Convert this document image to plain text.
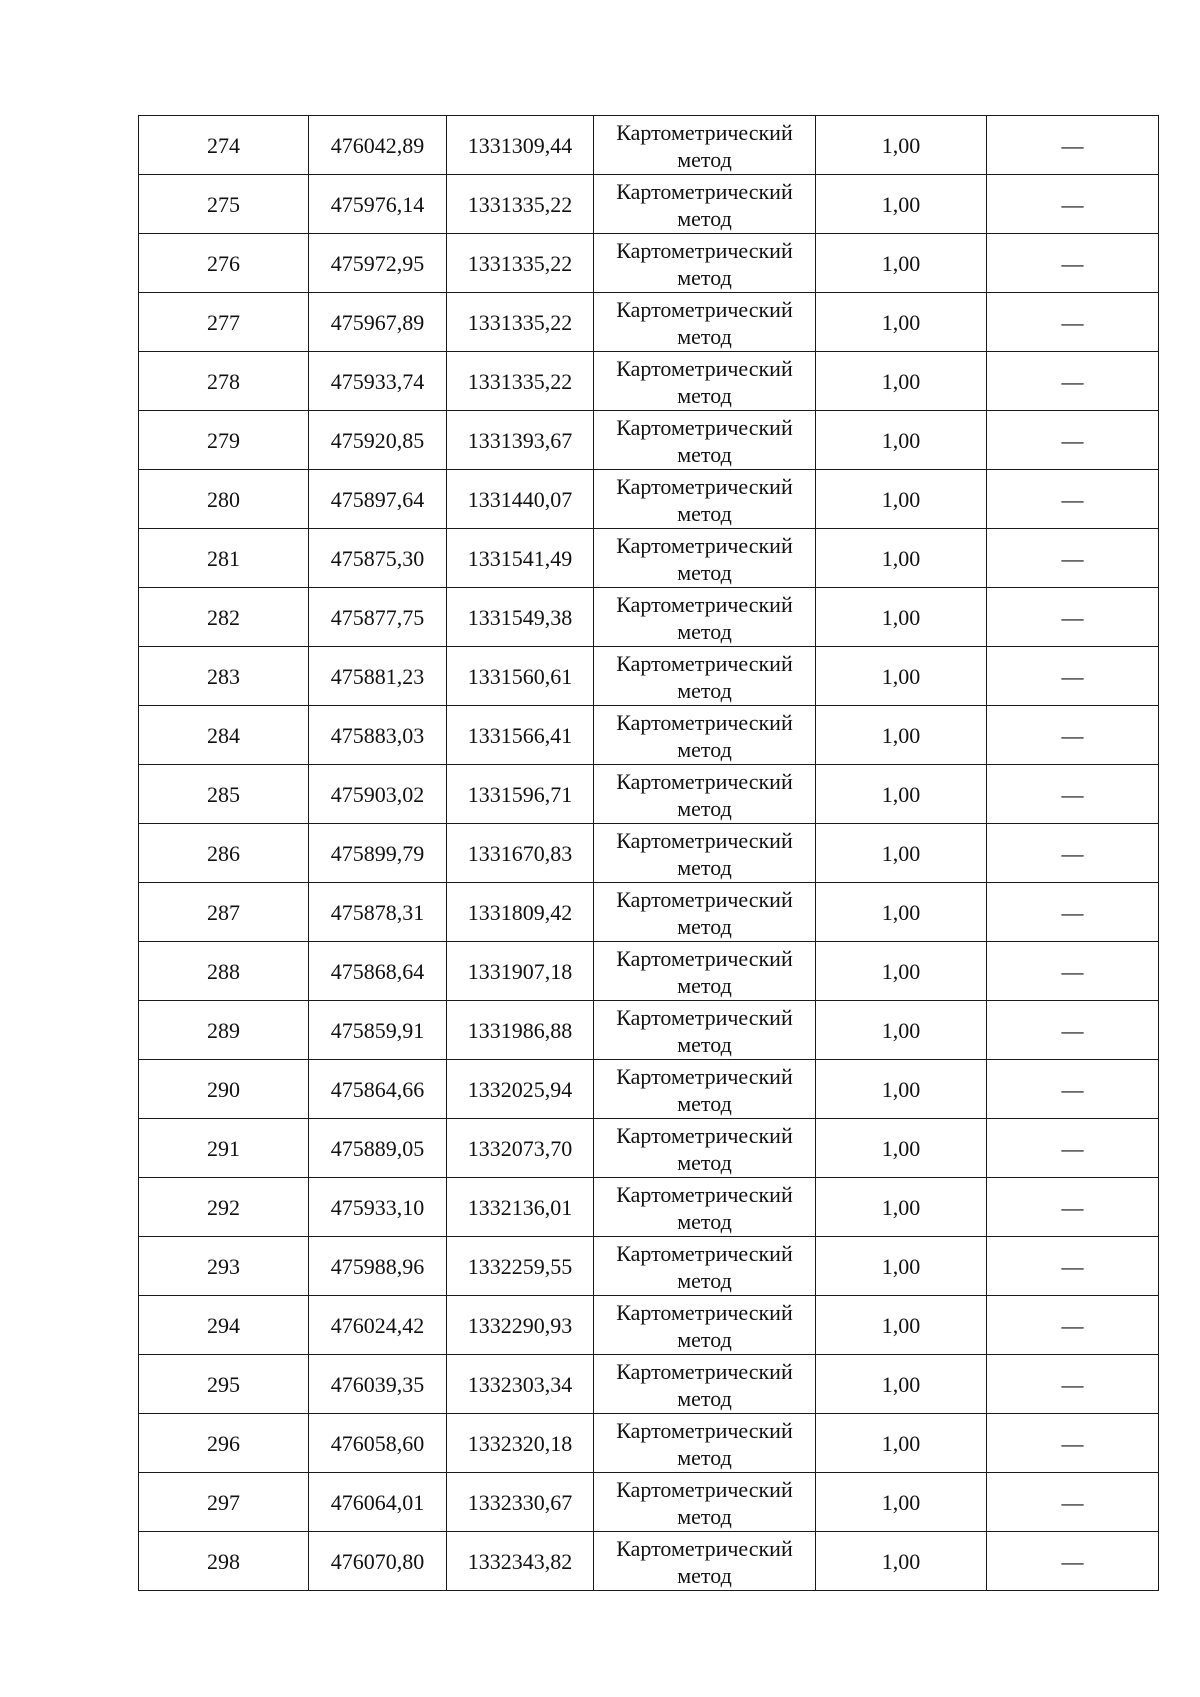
274	476042,89	1331309,44	Картометрический метод	1,00	—
275	475976,14	1331335,22	Картометрический метод	1,00	—
276	475972,95	1331335,22	Картометрический метод	1,00	—
277	475967,89	1331335,22	Картометрический метод	1,00	—
278	475933,74	1331335,22	Картометрический метод	1,00	—
279	475920,85	1331393,67	Картометрический метод	1,00	—
280	475897,64	1331440,07	Картометрический метод	1,00	—
281	475875,30	1331541,49	Картометрический метод	1,00	—
282	475877,75	1331549,38	Картометрический метод	1,00	—
283	475881,23	1331560,61	Картометрический метод	1,00	—
284	475883,03	1331566,41	Картометрический метод	1,00	—
285	475903,02	1331596,71	Картометрический метод	1,00	—
286	475899,79	1331670,83	Картометрический метод	1,00	—
287	475878,31	1331809,42	Картометрический метод	1,00	—
288	475868,64	1331907,18	Картометрический метод	1,00	—
289	475859,91	1331986,88	Картометрический метод	1,00	—
290	475864,66	1332025,94	Картометрический метод	1,00	—
291	475889,05	1332073,70	Картометрический метод	1,00	—
292	475933,10	1332136,01	Картометрический метод	1,00	—
293	475988,96	1332259,55	Картометрический метод	1,00	—
294	476024,42	1332290,93	Картометрический метод	1,00	—
295	476039,35	1332303,34	Картометрический метод	1,00	—
296	476058,60	1332320,18	Картометрический метод	1,00	—
297	476064,01	1332330,67	Картометрический метод	1,00	—
298	476070,80	1332343,82	Картометрический метод	1,00	—
